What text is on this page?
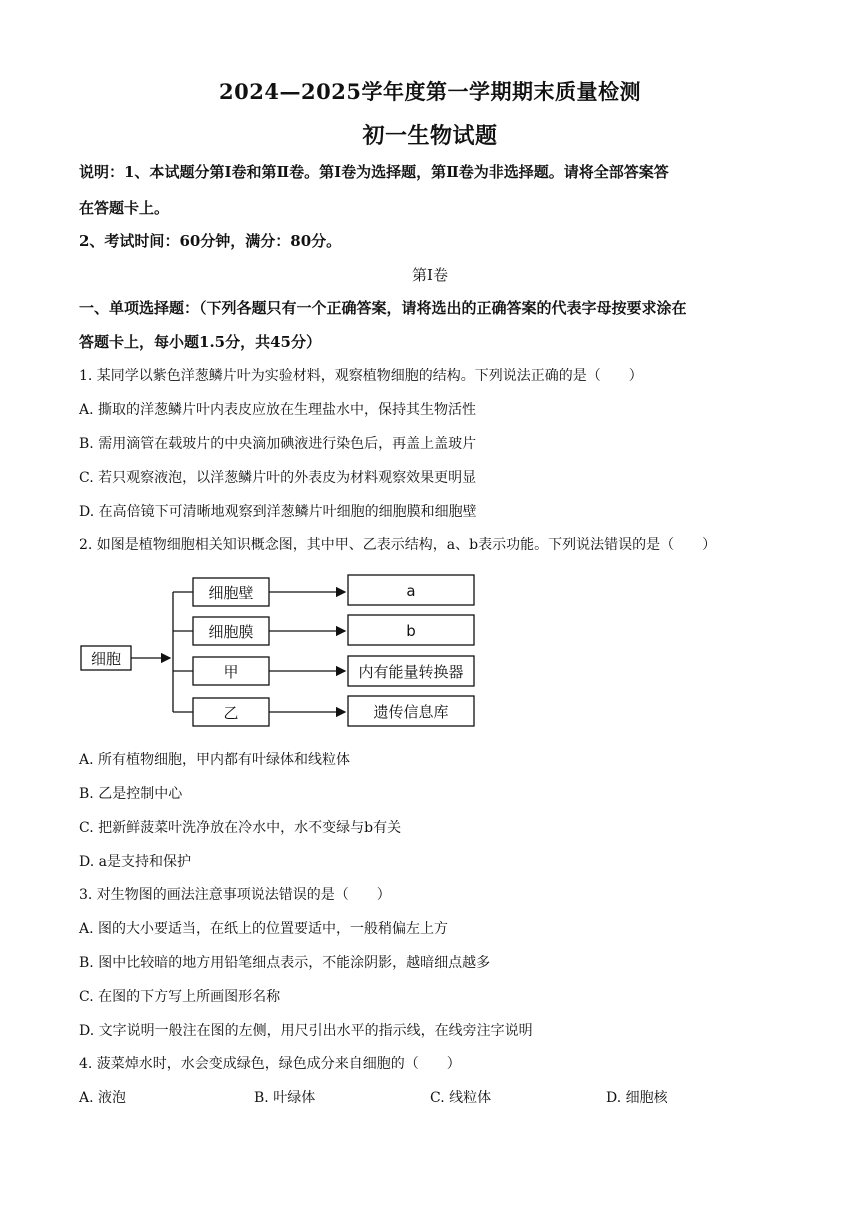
2024—2025学年度第一学期期末质量检测
初一生物试题
说明：1、本试题分第Ⅰ卷和第Ⅱ卷。第Ⅰ卷为选择题，第Ⅱ卷为非选择题。请将全部答案答
在答题卡上。
2、考试时间：60分钟，满分：80分。
第Ⅰ卷
一、单项选择题：（下列各题只有一个正确答案，请将选出的正确答案的代表字母按要求涂在
答题卡上，每小题1.5分，共45分）
1. 某同学以紫色洋葱鳞片叶为实验材料，观察植物细胞的结构。下列说法正确的是（　　）
A. 撕取的洋葱鳞片叶内表皮应放在生理盐水中，保持其生物活性
B. 需用滴管在载玻片的中央滴加碘液进行染色后，再盖上盖玻片
C. 若只观察液泡，以洋葱鳞片叶的外表皮为材料观察效果更明显
D. 在高倍镜下可清晰地观察到洋葱鳞片叶细胞的细胞膜和细胞壁
2. 如图是植物细胞相关知识概念图，其中甲、乙表示结构，a、b表示功能。下列说法错误的是（　　）
细胞
细胞壁
细胞膜
甲
乙
a
b
内有能量转换器
遗传信息库
A. 所有植物细胞，甲内都有叶绿体和线粒体
B. 乙是控制中心
C. 把新鲜菠菜叶洗净放在冷水中，水不变绿与b有关
D. a是支持和保护
3. 对生物图的画法注意事项说法错误的是（　　）
A. 图的大小要适当，在纸上的位置要适中，一般稍偏左上方
B. 图中比较暗的地方用铅笔细点表示，不能涂阴影，越暗细点越多
C. 在图的下方写上所画图形名称
D. 文字说明一般注在图的左侧，用尺引出水平的指示线，在线旁注字说明
4. 菠菜焯水时，水会变成绿色，绿色成分来自细胞的（　　）
A. 液泡	B. 叶绿体	C. 线粒体	D. 细胞核
